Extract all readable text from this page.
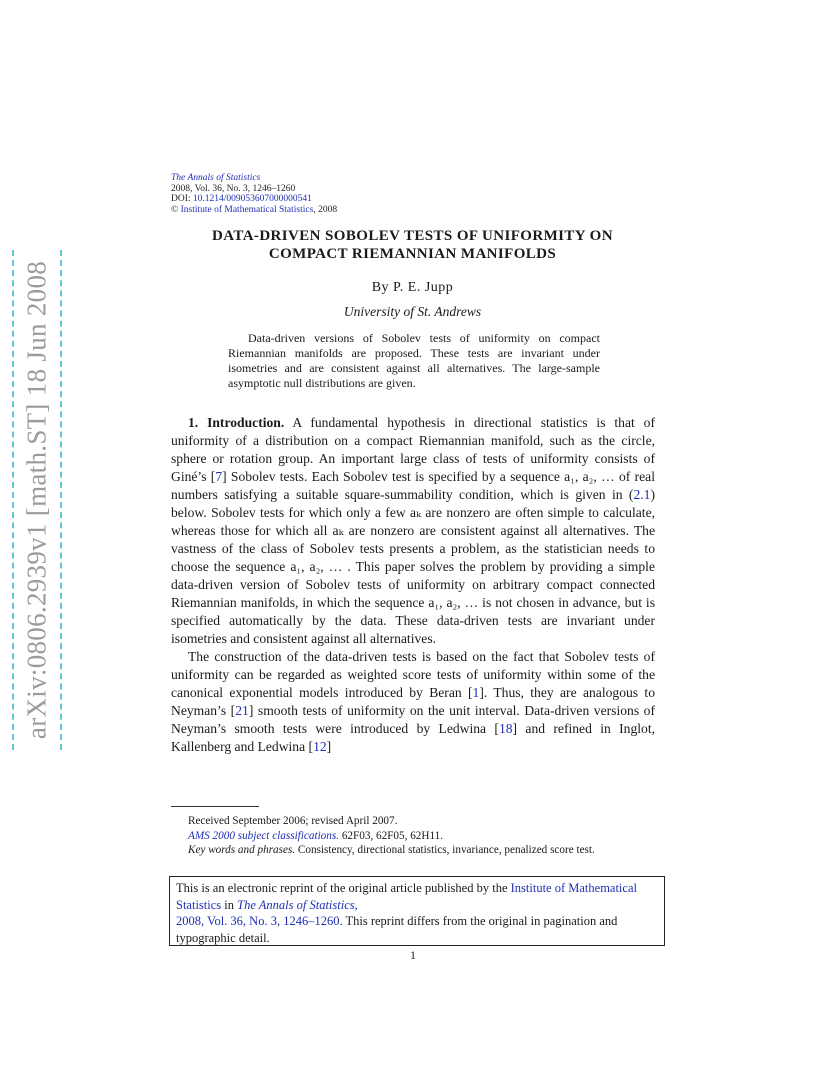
arXiv:0806.2939v1 [math.ST] 18 Jun 2008
The Annals of Statistics
2008, Vol. 36, No. 3, 1246–1260
DOI: 10.1214/009053607000000541
© Institute of Mathematical Statistics, 2008
DATA-DRIVEN SOBOLEV TESTS OF UNIFORMITY ON
COMPACT RIEMANNIAN MANIFOLDS
By P. E. Jupp
University of St. Andrews

Data-driven versions of Sobolev tests of uniformity on compact Riemannian manifolds are proposed. These tests are invariant under isometries and are consistent against all alternatives. The large-sample asymptotic null distributions are given.

1. Introduction. A fundamental hypothesis in directional statistics is that of uniformity of a distribution on a compact Riemannian manifold, such as the circle, sphere or rotation group. An important large class of tests of uniformity consists of Giné’s [7] Sobolev tests. Each Sobolev test is specified by a sequence a₁, a₂, … of real numbers satisfying a suitable square-summability condition, which is given in (2.1) below. Sobolev tests for which only a few aₖ are nonzero are often simple to calculate, whereas those for which all aₖ are nonzero are consistent against all alternatives. The vastness of the class of Sobolev tests presents a problem, as the statistician needs to choose the sequence a₁, a₂, … . This paper solves the problem by providing a simple data-driven version of Sobolev tests of uniformity on arbitrary compact connected Riemannian manifolds, in which the sequence a₁, a₂, … is not chosen in advance, but is specified automatically by the data. These data-driven tests are invariant under isometries and consistent against all alternatives.

The construction of the data-driven tests is based on the fact that Sobolev tests of uniformity can be regarded as weighted score tests of uniformity within some of the canonical exponential models introduced by Beran [1]. Thus, they are analogous to Neyman’s [21] smooth tests of uniformity on the unit interval. Data-driven versions of Neyman’s smooth tests were introduced by Ledwina [18] and refined in Inglot, Kallenberg and Ledwina [12]

Received September 2006; revised April 2007.

AMS 2000 subject classifications. 62F03, 62F05, 62H11.

Key words and phrases. Consistency, directional statistics, invariance, penalized score test.

This is an electronic reprint of the original article published by the Institute of Mathematical Statistics in The Annals of Statistics,
2008, Vol. 36, No. 3, 1246–1260. This reprint differs from the original in pagination and typographic detail.
1
